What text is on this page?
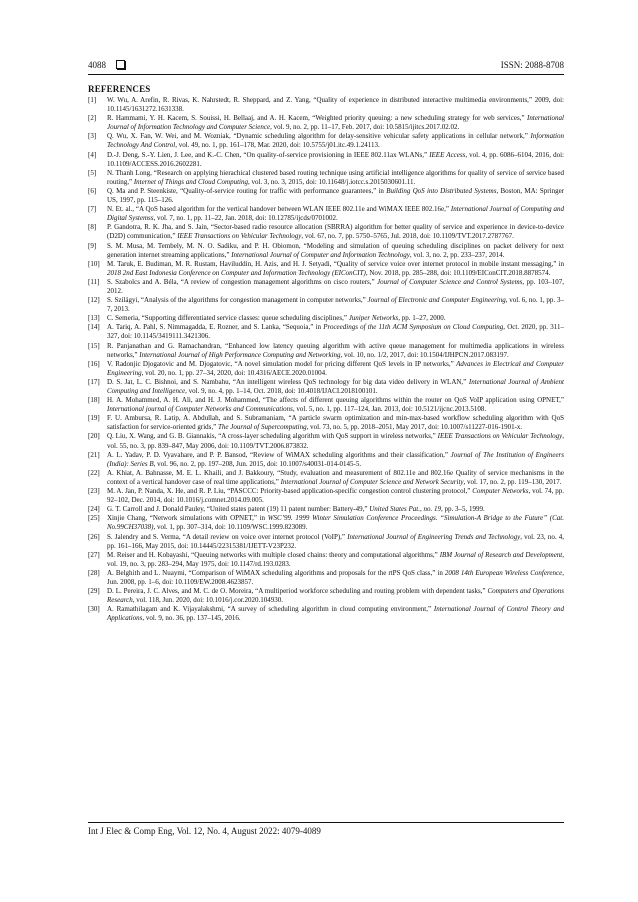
4088	ISSN: 2088-8708
REFERENCES
[1] W. Wu, A. Arefin, R. Rivas, K. Nahrstedt, R. Sheppard, and Z. Yang, “Quality of experience in distributed interactive multimedia environments,” 2009, doi: 10.1145/1631272.1631338.
[2] R. Hammami, Y. H. Kacem, S. Souissi, H. Bellaaj, and A. H. Kacem, “Weighted priority queuing: a new scheduling strategy for web services,” International Journal of Information Technology and Computer Science, vol. 9, no. 2, pp. 11–17, Feb. 2017, doi: 10.5815/ijitcs.2017.02.02.
[3] Q. Wu, X. Fan, W. Wei, and M. Wozniak, “Dynamic scheduling algorithm for delay-sensitive vehicular safety applications in cellular network,” Information Technology And Control, vol. 49, no. 1, pp. 161–178, Mar. 2020, doi: 10.5755/j01.itc.49.1.24113.
[4] D.-J. Deng, S.-Y. Lien, J. Lee, and K.-C. Chen, “On quality-of-service provisioning in IEEE 802.11ax WLANs,” IEEE Access, vol. 4, pp. 6086–6104, 2016, doi: 10.1109/ACCESS.2016.2602281.
[5] N. Thanh Long, “Research on applying hierachical clustered based routing technique using artificial intelligence algorithms for quality of service of service based routing,” Internet of Things and Cloud Computing, vol. 3, no. 3, 2015, doi: 10.11648/j.iotcc.s.2015030601.11.
[6] Q. Ma and P. Steenkiste, “Quality-of-service routing for traffic with performance guarantees,” in Building QoS into Distributed Systems, Boston, MA: Springer US, 1997, pp. 115–126.
[7] N. Et. al., “A QoS based algorithm for the vertical handover between WLAN IEEE 802.11e and WiMAX IEEE 802.16e,” International Journal of Computing and Digital Systemss, vol. 7, no. 1, pp. 11–22, Jan. 2018, doi: 10.12785/ijcds/0701002.
[8] P. Gandotra, R. K. Jha, and S. Jain, “Sector-based radio resource allocation (SBRRA) algorithm for better quality of service and experience in device-to-device (D2D) communication,” IEEE Transactions on Vehicular Technology, vol. 67, no. 7, pp. 5750–5765, Jul. 2018, doi: 10.1109/TVT.2017.2787767.
[9] S. M. Musa, M. Tembely, M. N. O. Sadiku, and P. H. Obiomon, “Modeling and simulation of queuing scheduling disciplines on packet delivery for next generation internet streaming applications,” International Journal of Computer and Information Technology, vol. 3, no. 2, pp. 233–237, 2014.
[10] M. Taruk, E. Budiman, M. R. Rustam, Haviluddin, H. Azis, and H. J. Setyadi, “Quality of service voice over internet protocol in mobile instant messaging,” in 2018 2nd East Indonesia Conference on Computer and Information Technology (EIConCIT), Nov. 2018, pp. 285–288, doi: 10.1109/EIConCIT.2018.8878574.
[11] S. Szabolcs and A. Béla, “A review of congestion management algorithms on cisco routers,” Journal of Computer Science and Control Systems, pp. 103–107, 2012.
[12] S. Szilágyi, “Analysis of the algorithms for congestion management in computer networks,” Journal of Electronic and Computer Engineering, vol. 6, no. 1, pp. 3–7, 2013.
[13] C. Semeria, “Supporting differentiated service classes: queue scheduling disciplines,” Juniper Networks, pp. 1–27, 2000.
[14] A. Tariq, A. Pahl, S. Nimmagadda, E. Rozner, and S. Lanka, “Sequoia,” in Proceedings of the 11th ACM Symposium on Cloud Computing, Oct. 2020, pp. 311–327, doi: 10.1145/3419111.3421306.
[15] R. Panjanathan and G. Ramachandran, “Enhanced low latency queuing algorithm with active queue management for multimedia applications in wireless networks,” International Journal of High Performance Computing and Networking, vol. 10, no. 1/2, 2017, doi: 10.1504/IJHPCN.2017.083197.
[16] V. Radonjic Djogatovic and M. Djogatovic, “A novel simulation model for pricing different QoS levels in IP networks,” Advances in Electrical and Computer Engineering, vol. 20, no. 1, pp. 27–34, 2020, doi: 10.4316/AECE.2020.01004.
[17] D. S. Jat, L. C. Bishnoi, and S. Nambahu, “An intelligent wireless QoS technology for big data video delivery in WLAN,” International Journal of Ambient Computing and Intelligence, vol. 9, no. 4, pp. 1–14, Oct. 2018, doi: 10.4018/IJACI.2018100101.
[18] H. A. Mohammed, A. H. Ali, and H. J. Mohammed, “The affects of different queuing algorithms within the router on QoS VoIP application using OPNET,” International journal of Computer Networks and Communications, vol. 5, no. 1, pp. 117–124, Jan. 2013, doi: 10.5121/ijcnc.2013.5108.
[19] F. U. Ambursa, R. Latip, A. Abdullah, and S. Subramaniam, “A particle swarm optimization and min-max-based workflow scheduling algorithm with QoS satisfaction for service-oriented grids,” The Journal of Supercomputing, vol. 73, no. 5, pp. 2018–2051, May 2017, doi: 10.1007/s11227-016-1901-x.
[20] Q. Liu, X. Wang, and G. B. Giannakis, “A cross-layer scheduling algorithm with QoS support in wireless networks,” IEEE Transactions on Vehicular Technology, vol. 55, no. 3, pp. 839–847, May 2006, doi: 10.1109/TVT.2006.873832.
[21] A. L. Yadav, P. D. Vyavahare, and P. P. Bansod, “Review of WiMAX scheduling algorithms and their classification,” Journal of The Institution of Engineers (India): Series B, vol. 96, no. 2, pp. 197–208, Jun. 2015, doi: 10.1007/s40031-014-0145-5.
[22] A. Khiat, A. Bahnasse, M. E. L. Khaili, and J. Bakkoury, “Study, evaluation and measurement of 802.11e and 802.16e Quality of service mechanisms in the context of a vertical handover case of real time applications,” International Journal of Computer Science and Network Security, vol. 17, no. 2, pp. 119–130, 2017.
[23] M. A. Jan, P. Nanda, X. He, and R. P. Liu, “PASCCC: Priority-based application-specific congestion control clustering protocol,” Computer Networks, vol. 74, pp. 92–102, Dec. 2014, doi: 10.1016/j.comnet.2014.09.005.
[24] G. T. Carroll and J. Donald Pauley, “United states patent (19) 11 patent number: Battery-49,” United States Pat., no. 19, pp. 3–5, 1999.
[25] Xinjie Chang, “Network simulations with OPNET,” in WSC’99. 1999 Winter Simulation Conference Proceedings. “Simulation-A Bridge to the Future” (Cat. No.99CH37038), vol. 1, pp. 307–314, doi: 10.1109/WSC.1999.823089.
[26] S. Jalendry and S. Verma, “A detail review on voice over internet protocol (VoIP),” International Journal of Engineering Trends and Technology, vol. 23, no. 4, pp. 161–166, May 2015, doi: 10.14445/22315381/IJETT-V23P232.
[27] M. Reiser and H. Kobayashi, “Queuing networks with multiple closed chains: theory and computational algorithms,” IBM Journal of Research and Development, vol. 19, no. 3, pp. 283–294, May 1975, doi: 10.1147/rd.193.0283.
[28] A. Belghith and L. Nuaymi, “Comparison of WiMAX scheduling algorithms and proposals for the rtPS QoS class,” in 2008 14th European Wireless Conference, Jun. 2008, pp. 1–6, doi: 10.1109/EW.2008.4623857.
[29] D. L. Pereira, J. C. Alves, and M. C. de O. Moreira, “A multiperiod workforce scheduling and routing problem with dependent tasks,” Computers and Operations Research, vol. 118, Jun. 2020, doi: 10.1016/j.cor.2020.104930.
[30] A. Ramathilagam and K. Vijayalakshmi, “A survey of scheduling algorithm in cloud computing environment,” International Journal of Control Theory and Applications, vol. 9, no. 36, pp. 137–145, 2016.
Int J Elec & Comp Eng, Vol. 12, No. 4, August 2022: 4079-4089
